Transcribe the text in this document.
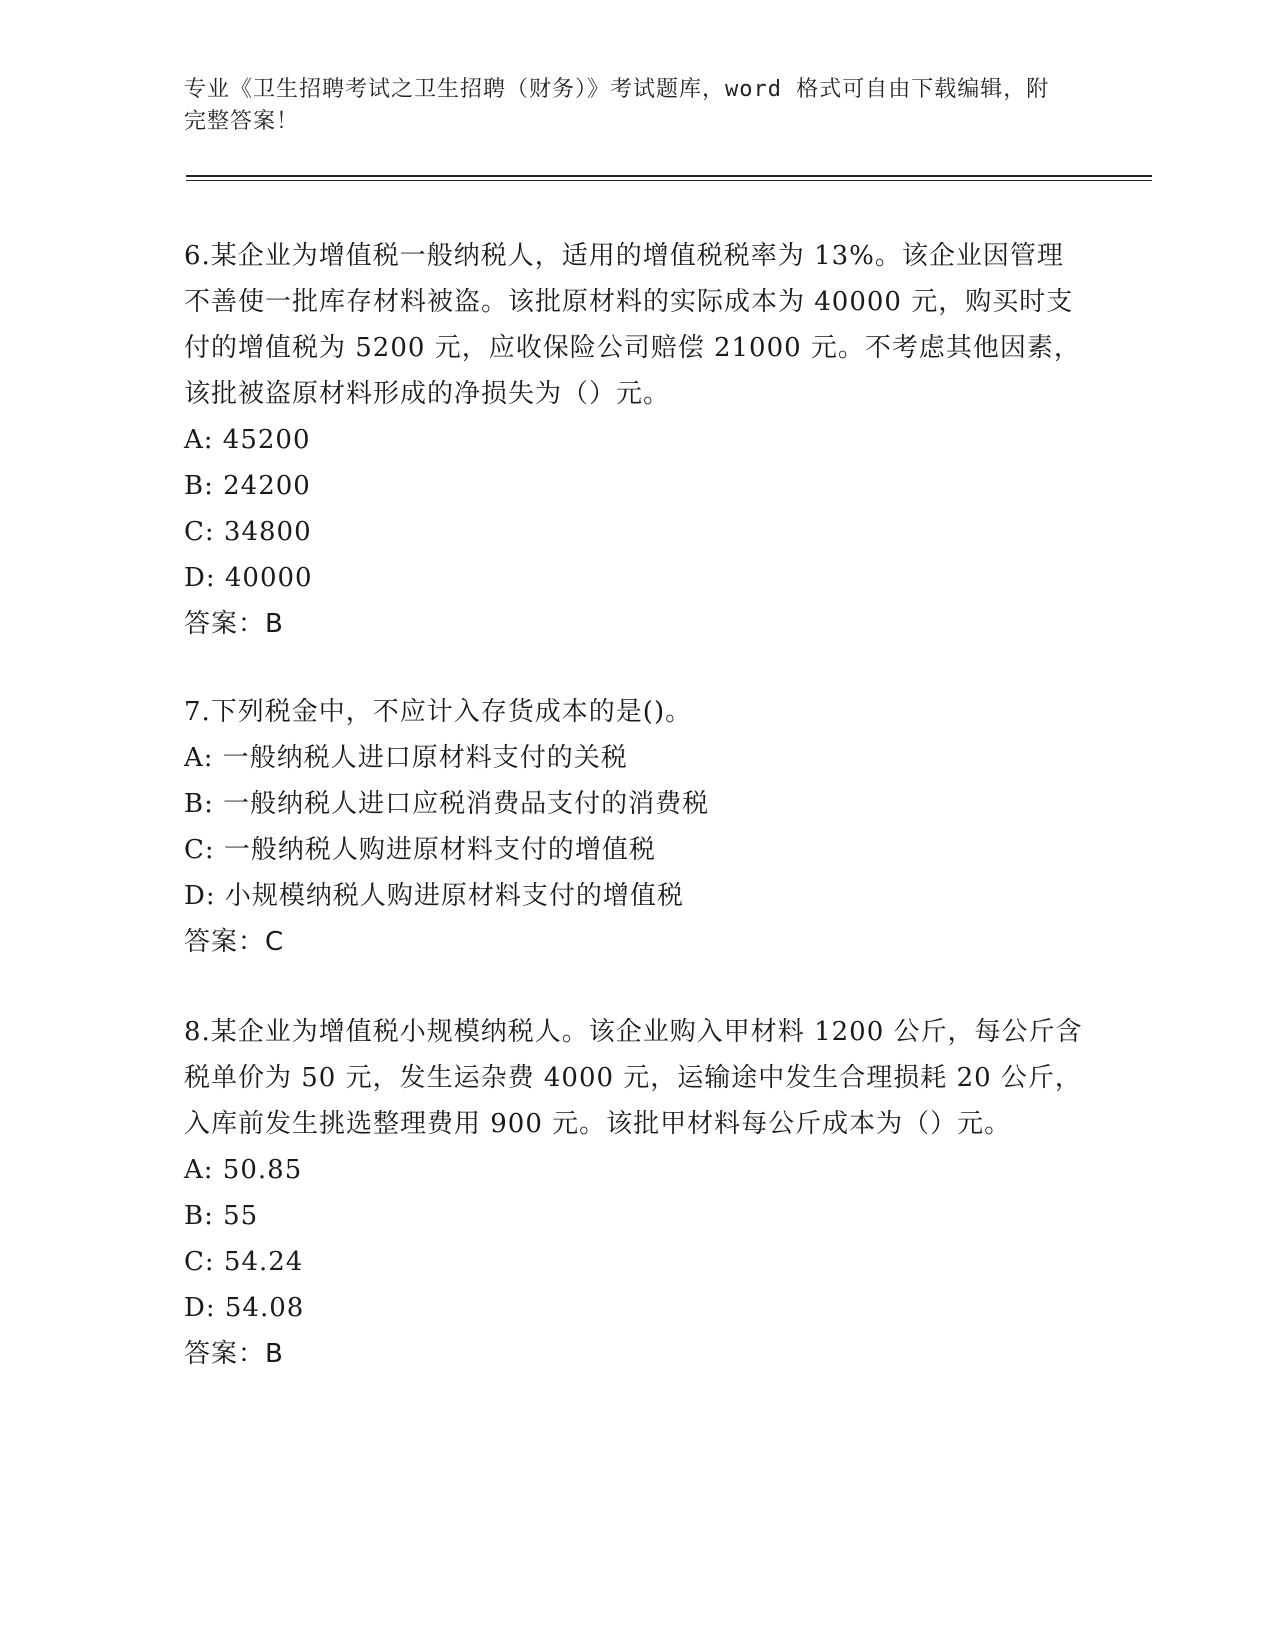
专业《卫生招聘考试之卫生招聘（财务）》考试题库，word 格式可自由下载编辑，附完整答案！

6.某企业为增值税一般纳税人，适用的增值税税率为 13%。该企业因管理不善使一批库存材料被盗。该批原材料的实际成本为 40000 元，购买时支付的增值税为 5200 元，应收保险公司赔偿 21000 元。不考虑其他因素，该批被盗原材料形成的净损失为（）元。

A: 45200

B: 24200

C: 34800

D: 40000

答案：B

7.下列税金中，不应计入存货成本的是()。

A: 一般纳税人进口原材料支付的关税

B: 一般纳税人进口应税消费品支付的消费税

C: 一般纳税人购进原材料支付的增值税

D: 小规模纳税人购进原材料支付的增值税

答案：C

8.某企业为增值税小规模纳税人。该企业购入甲材料 1200 公斤，每公斤含税单价为 50 元，发生运杂费 4000 元，运输途中发生合理损耗 20 公斤，入库前发生挑选整理费用 900 元。该批甲材料每公斤成本为（）元。

A: 50.85

B: 55

C: 54.24

D: 54.08

答案：B
